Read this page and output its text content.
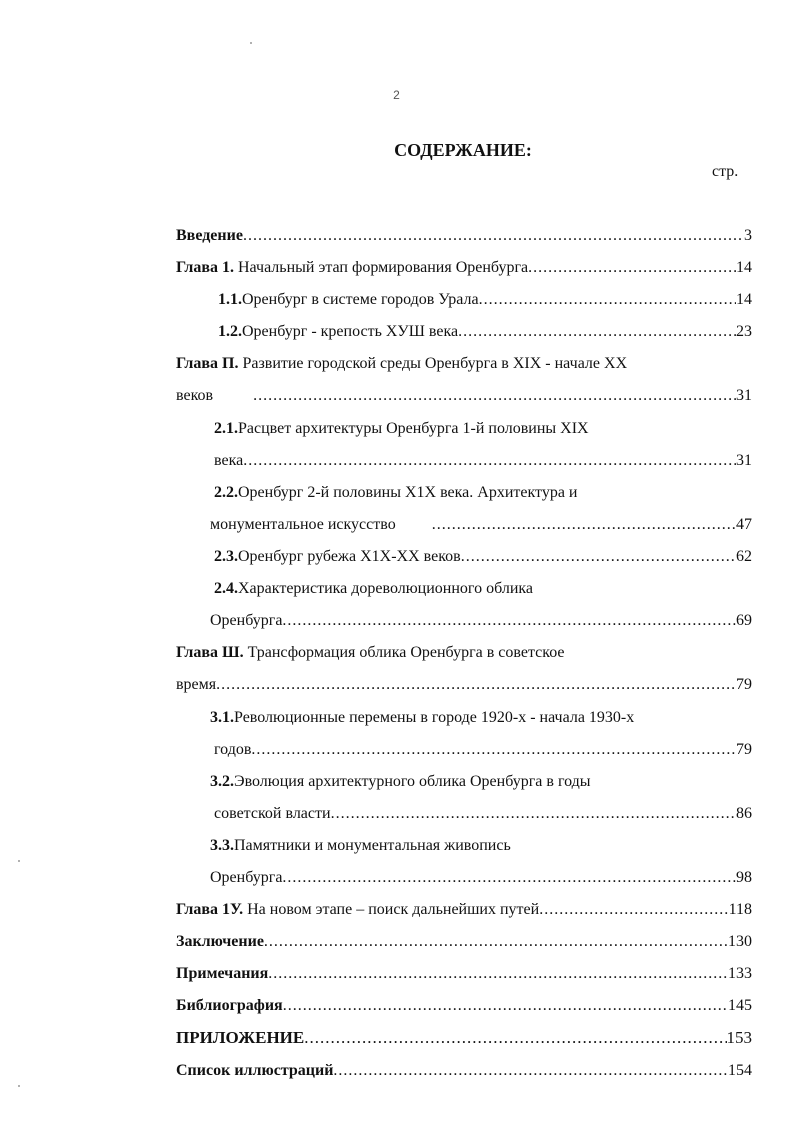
2
СОДЕРЖАНИЕ:
стр.
Введение .....	3
Глава 1. Начальный этап формирования Оренбурга .....	14
1.1.Оренбург в системе городов Урала .....	14
1.2.Оренбург - крепость ХУШ века .....	23
Глава П. Развитие городской среды Оренбурга в XIX - начале XX
веков .....	31
2.1.Расцвет архитектуры Оренбурга 1-й половины XIX
века .....	31
2.2.Оренбург 2-й половины Х1Х века. Архитектура и
монументальное искусство .....	47
2.3.Оренбург рубежа Х1Х-ХХ веков .....	62
2.4.Характеристика дореволюционного облика
Оренбурга .....	69
Глава Ш. Трансформация облика Оренбурга в советское
время .....	79
3.1.Революционные перемены в городе 1920-х - начала 1930-х
годов .....	79
3.2.Эволюция архитектурного облика Оренбурга в годы
советской власти .....	86
3.3.Памятники и монументальная живопись
Оренбурга .....	98
Глава 1У. На новом этапе – поиск дальнейших путей .....	118
Заключение .....	130
Примечания .....	133
Библиография .....	145
ПРИЛОЖЕНИЕ .....	153
Список иллюстраций .....	154
